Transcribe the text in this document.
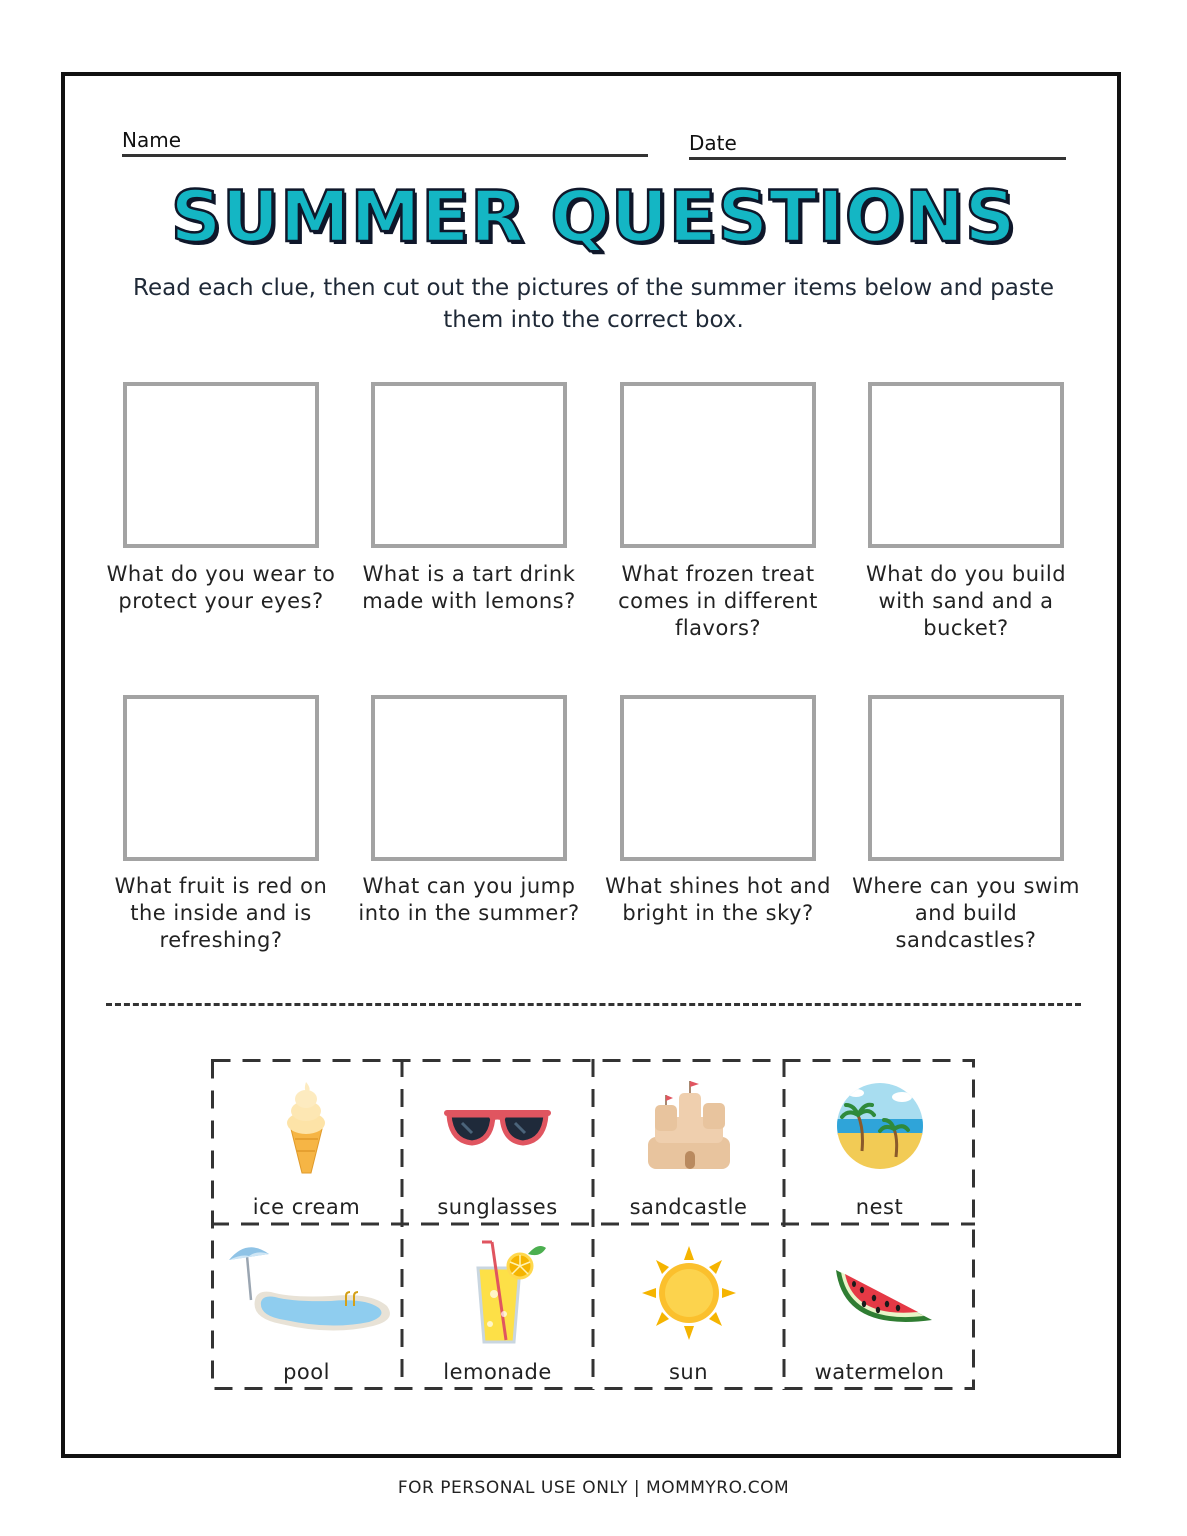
Name	Date
SUMMER QUESTIONS
Read each clue, then cut out the pictures of the summer items below and paste them into the correct box.
What do you wear to protect your eyes?
What is a tart drink made with lemons?
What frozen treat comes in different flavors?
What do you build with sand and a bucket?
What fruit is red on the inside and is refreshing?
What can you jump into in the summer?
What shines hot and bright in the sky?
Where can you swim and build sandcastles?
ice cream	sunglasses	sandcastle	nest
pool	lemonade	sun	watermelon
FOR PERSONAL USE ONLY | MOMMYRO.COM
